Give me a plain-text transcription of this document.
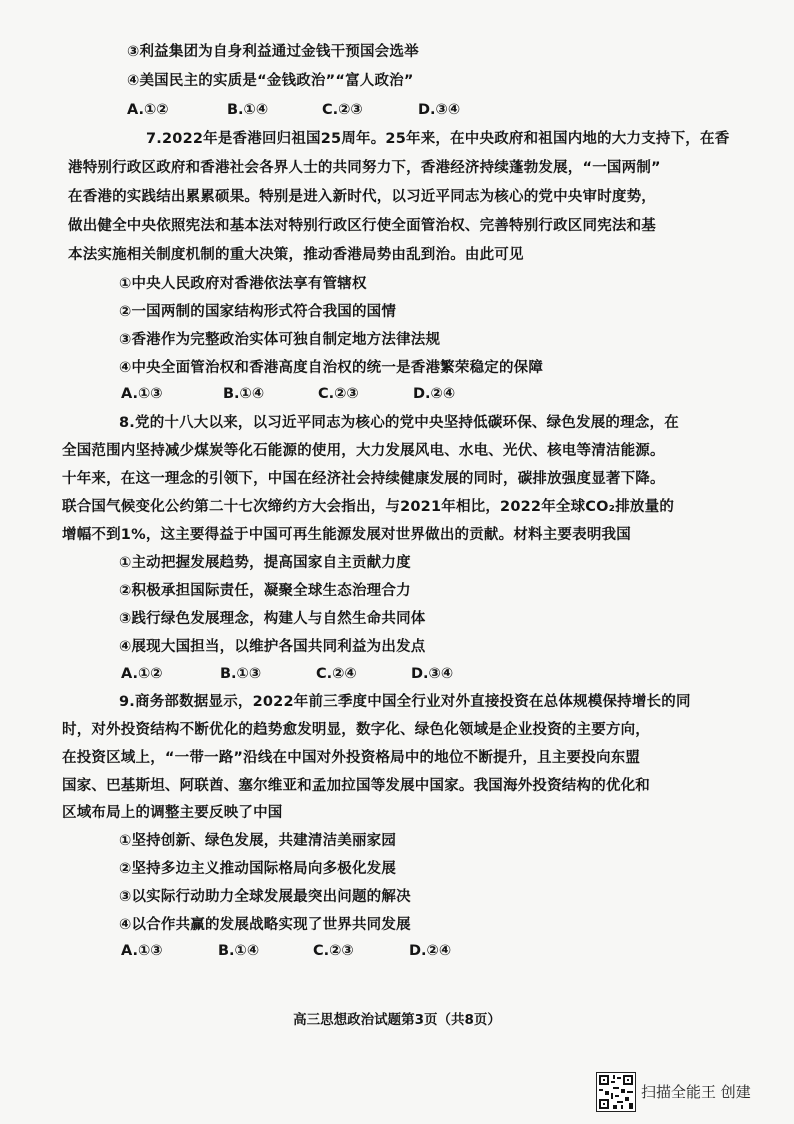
③利益集团为自身利益通过金钱干预国会选举
④美国民主的实质是“金钱政治”“富人政治”
A.①②	B.①④	C.②③	D.③④
7.2022年是香港回归祖国25周年。25年来，在中央政府和祖国内地的大力支持下，在香
港特别行政区政府和香港社会各界人士的共同努力下，香港经济持续蓬勃发展，“一国两制”
在香港的实践结出累累硕果。特别是进入新时代，以习近平同志为核心的党中央审时度势，
做出健全中央依照宪法和基本法对特别行政区行使全面管治权、完善特别行政区同宪法和基
本法实施相关制度机制的重大决策，推动香港局势由乱到治。由此可见
①中央人民政府对香港依法享有管辖权
②一国两制的国家结构形式符合我国的国情
③香港作为完整政治实体可独自制定地方法律法规
④中央全面管治权和香港高度自治权的统一是香港繁荣稳定的保障
A.①③	B.①④	C.②③	D.②④
8.党的十八大以来，以习近平同志为核心的党中央坚持低碳环保、绿色发展的理念，在
全国范围内坚持减少煤炭等化石能源的使用，大力发展风电、水电、光伏、核电等清洁能源。
十年来，在这一理念的引领下，中国在经济社会持续健康发展的同时，碳排放强度显著下降。
联合国气候变化公约第二十七次缔约方大会指出，与2021年相比，2022年全球CO₂排放量的
增幅不到1%，这主要得益于中国可再生能源发展对世界做出的贡献。材料主要表明我国
①主动把握发展趋势，提高国家自主贡献力度
②积极承担国际责任，凝聚全球生态治理合力
③践行绿色发展理念，构建人与自然生命共同体
④展现大国担当，以维护各国共同利益为出发点
A.①②	B.①③	C.②④	D.③④
9.商务部数据显示，2022年前三季度中国全行业对外直接投资在总体规模保持增长的同
时，对外投资结构不断优化的趋势愈发明显，数字化、绿色化领域是企业投资的主要方向，
在投资区域上，“一带一路”沿线在中国对外投资格局中的地位不断提升，且主要投向东盟
国家、巴基斯坦、阿联酋、塞尔维亚和孟加拉国等发展中国家。我国海外投资结构的优化和
区域布局上的调整主要反映了中国
①坚持创新、绿色发展，共建清洁美丽家园
②坚持多边主义推动国际格局向多极化发展
③以实际行动助力全球发展最突出问题的解决
④以合作共赢的发展战略实现了世界共同发展
A.①③	B.①④	C.②③	D.②④
高三思想政治试题第3页（共8页）
扫描全能王 创建
